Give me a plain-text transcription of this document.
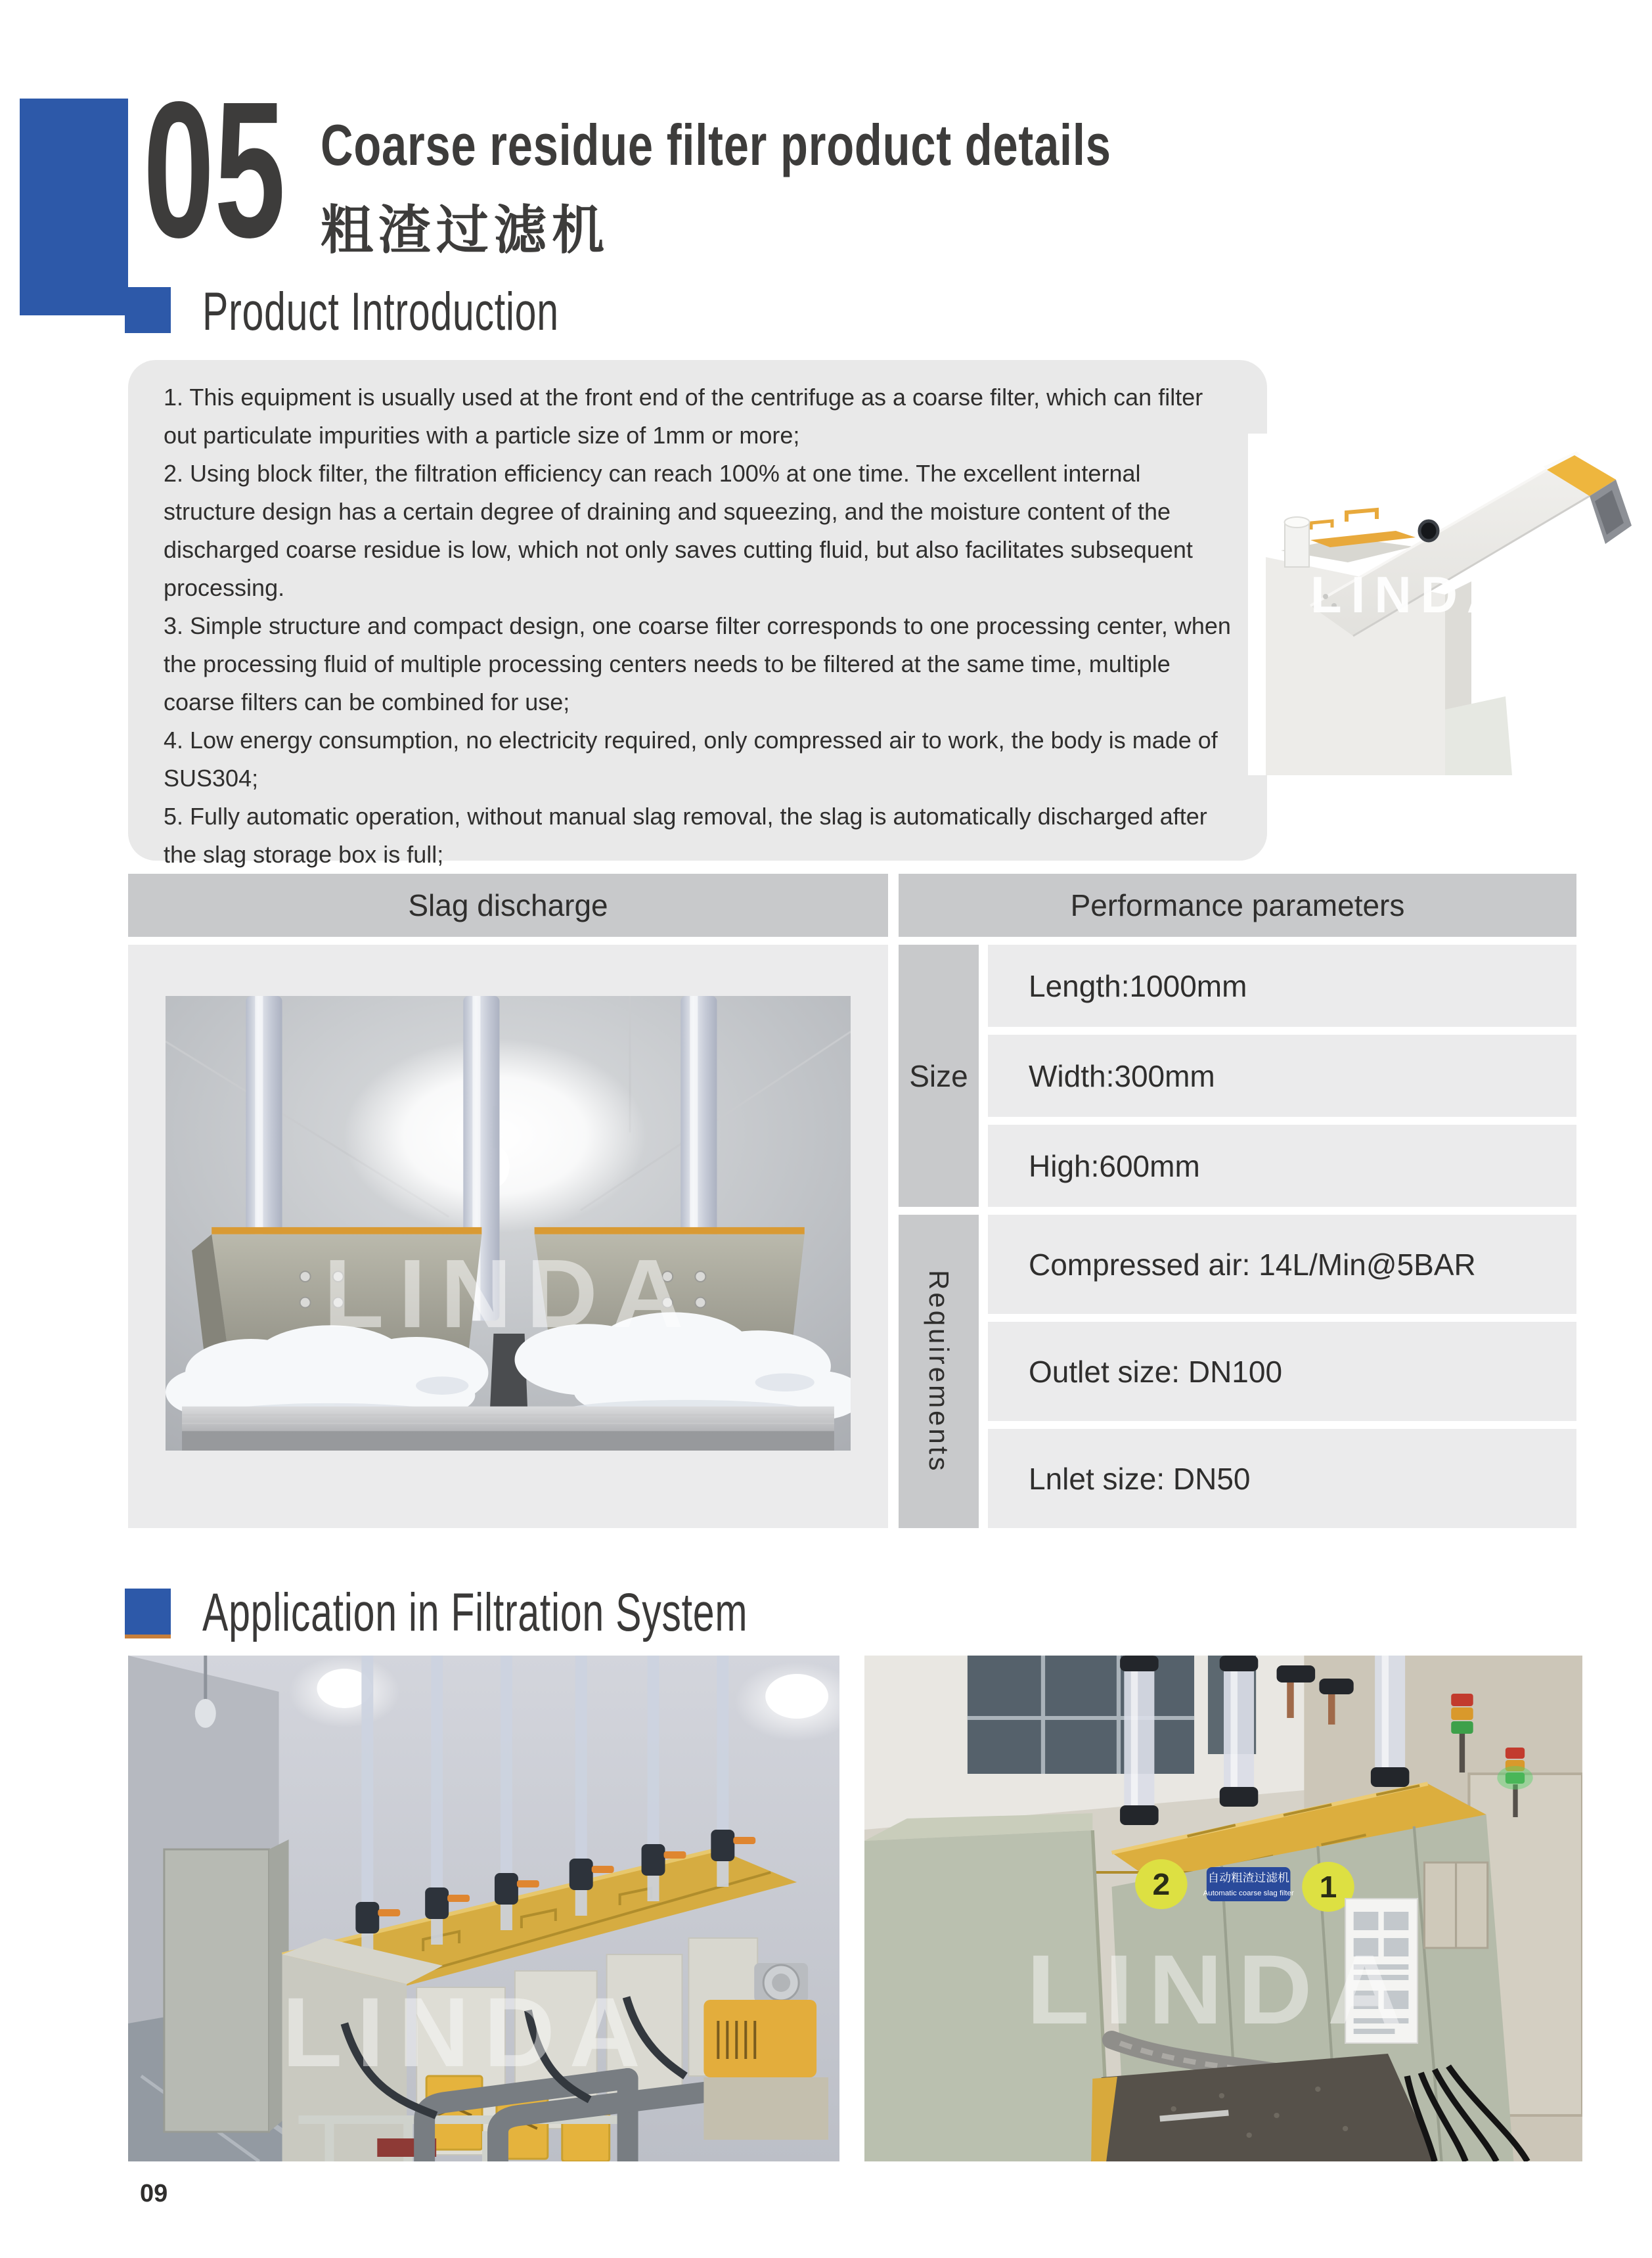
05 Coarse residue filter product details
粗渣过滤机
Product Introduction

1. This equipment is usually used at the front end of the centrifuge as a coarse filter, which can filter out particulate impurities with a particle size of 1mm or more;

2. Using block filter, the filtration efficiency can reach 100% at one time. The excellent internal structure design has a certain degree of draining and squeezing, and the moisture content of the discharged coarse residue is low, which not only saves cutting fluid, but also facilitates subsequent processing.

3. Simple structure and compact design, one coarse filter corresponds to one processing center, when the processing fluid of multiple processing centers needs to be filtered at the same time, multiple coarse filters can be combined for use;

4. Low energy consumption, no electricity required, only compressed air to work, the body is made of SUS304;

5. Fully automatic operation, without manual slag removal, the slag is automatically discharged after the slag storage box is full;

LINDA
Slag discharge	Performance parameters
LINDA
Size
Length:1000mm
Width:300mm
High:600mm
Requirements
Compressed air: 14L/Min@5BAR
Outlet size: DN100
Lnlet size: DN50
Application in Filtration System
LINDA
2	1
自动粗渣过滤机
Automatic coarse slag filter
LINDA
09
